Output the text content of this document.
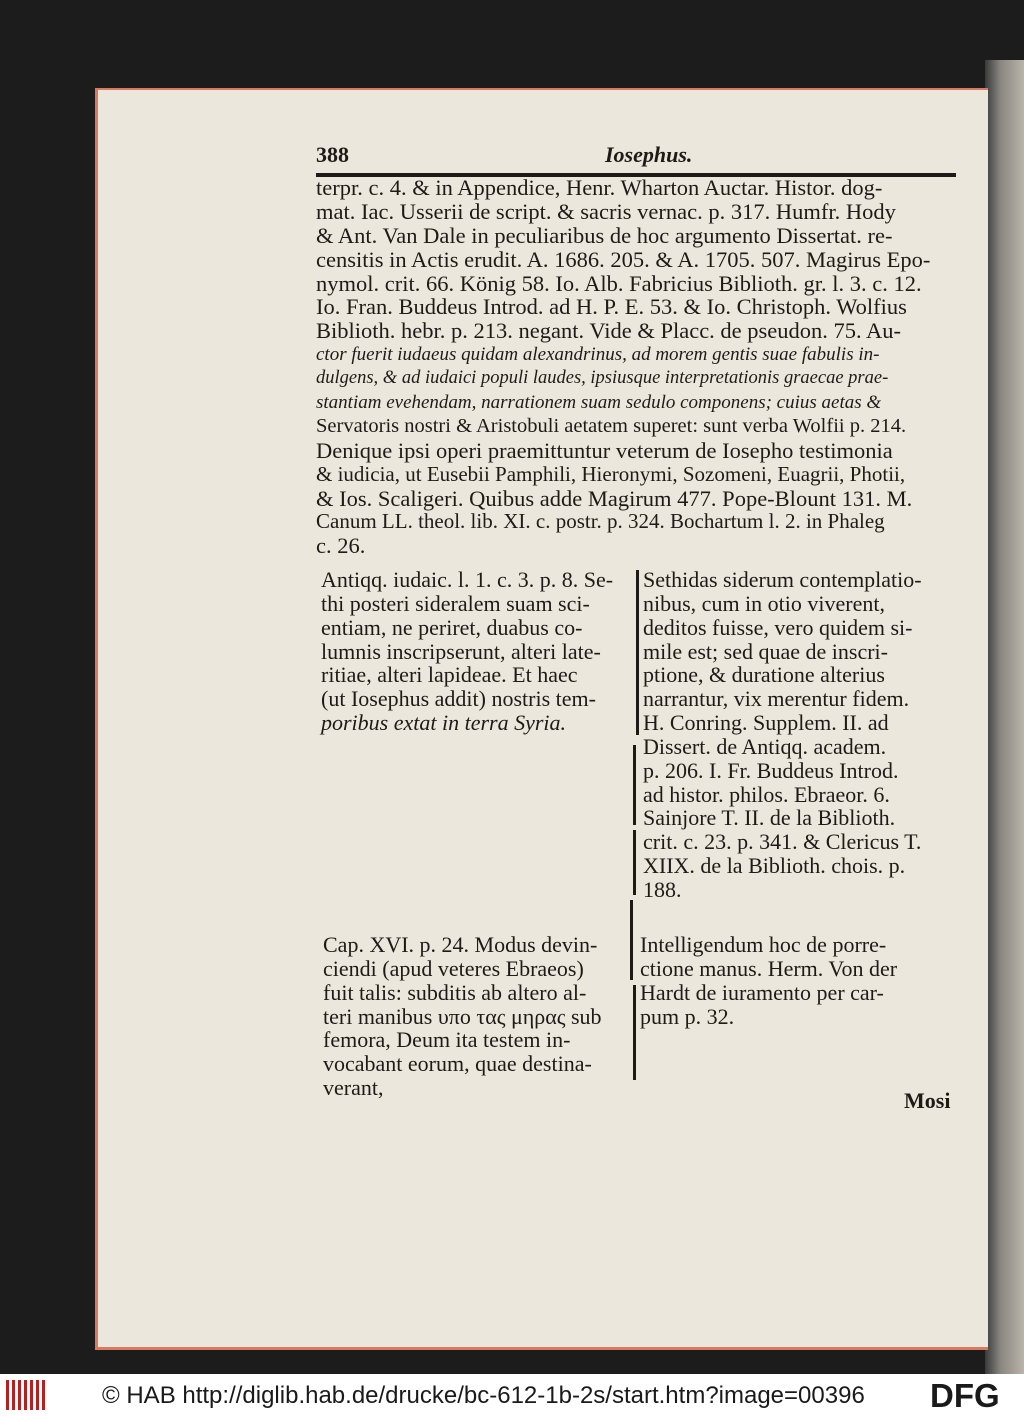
388	Iosephus.
terpr. c. 4. & in Appendice, Henr. Wharton Auctar. Histor. dog-
mat. Iac. Usserii de script. & sacris vernac. p. 317. Humfr. Hody
& Ant. Van Dale in peculiaribus de hoc argumento Dissertat. re-
censitis in Actis erudit. A. 1686. 205. & A. 1705. 507. Magirus Epo-
nymol. crit. 66. König 58. Io. Alb. Fabricius Biblioth. gr. l. 3. c. 12.
Io. Fran. Buddeus Introd. ad H. P. E. 53. & Io. Christoph. Wolfius
Biblioth. hebr. p. 213. negant. Vide & Placc. de pseudon. 75. Au-
ctor fuerit iudaeus quidam alexandrinus, ad morem gentis suae fabulis in-
dulgens, & ad iudaici populi laudes, ipsiusque interpretationis graecae prae-
stantiam evehendam, narrationem suam sedulo componens; cuius aetas &
Servatoris nostri & Aristobuli aetatem superet: sunt verba Wolfii p. 214.
Denique ipsi operi praemittuntur veterum de Iosepho testimonia
& iudicia, ut Eusebii Pamphili, Hieronymi, Sozomeni, Euagrii, Photii,
& Ios. Scaligeri. Quibus adde Magirum 477. Pope-Blount 131. M.
Canum LL. theol. lib. XI. c. postr. p. 324. Bochartum l. 2. in Phaleg
c. 26.
Antiqq. iudaic. l. 1. c. 3. p. 8. Se-
thi posteri sideralem suam sci-
entiam, ne periret, duabus co-
lumnis inscripserunt, alteri late-
ritiae, alteri lapideae. Et haec
(ut Iosephus addit) nostris tem-
poribus extat in terra Syria.
Sethidas siderum contemplatio-
nibus, cum in otio viverent,
deditos fuisse, vero quidem si-
mile est; sed quae de inscri-
ptione, & duratione alterius
narrantur, vix merentur fidem.
H. Conring. Supplem. II. ad
Dissert. de Antiqq. academ.
p. 206. I. Fr. Buddeus Introd.
ad histor. philos. Ebraeor. 6.
Sainjore T. II. de la Biblioth.
crit. c. 23. p. 341. & Clericus T.
XIIX. de la Biblioth. chois. p.
188.
Cap. XVI. p. 24. Modus devin-
ciendi (apud veteres Ebraeos)
fuit talis: subditis ab altero al-
teri manibus υπο τας μηρας sub
femora, Deum ita testem in-
vocabant eorum, quae destina-
verant,
Intelligendum hoc de porre-
ctione manus. Herm. Von der
Hardt de iuramento per car-
pum p. 32.
Mosi
© HAB http://diglib.hab.de/drucke/bc-612-1b-2s/start.htm?image=00396 DFG
